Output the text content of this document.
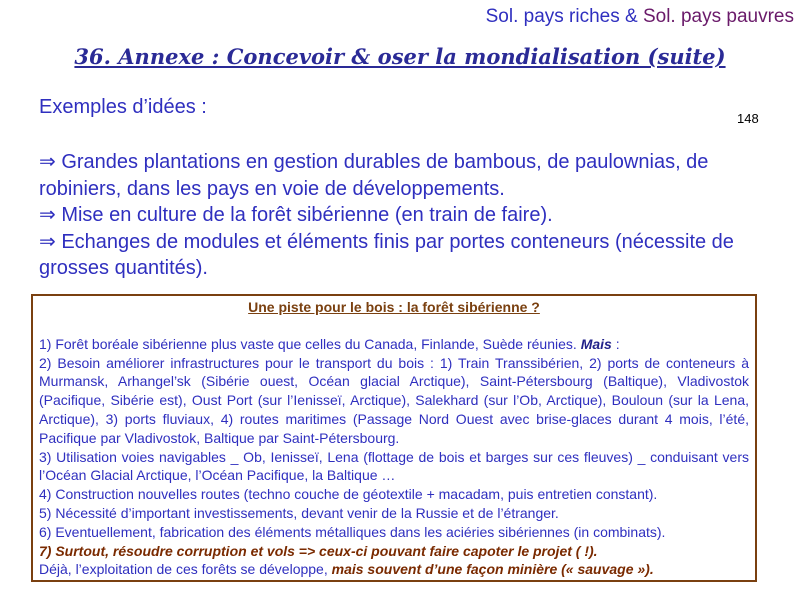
Sol. pays riches & Sol. pays pauvres
36. Annexe : Concevoir & oser la mondialisation (suite)
Exemples d’idées :
148

⇒ Grandes plantations en gestion durables de bambous, de paulownias, de robiniers, dans les pays en voie de développements.

⇒ Mise en culture de la forêt sibérienne (en train de faire).

⇒ Echanges de modules et éléments finis par portes conteneurs (nécessite de grosses quantités).

Une piste pour le bois : la forêt sibérienne ?

1) Forêt boréale sibérienne plus vaste que celles du Canada, Finlande, Suède réunies. Mais :

2) Besoin améliorer infrastructures pour le transport du bois : 1) Train Transsibérien, 2) ports de conteneurs à Murmansk, Arhangel’sk (Sibérie ouest, Océan glacial Arctique), Saint-Pétersbourg (Baltique), Vladivostok (Pacifique, Sibérie est), Oust Port (sur l’Ienisseï, Arctique), Salekhard (sur l’Ob, Arctique), Bouloun (sur la Lena, Arctique), 3) ports fluviaux, 4) routes maritimes (Passage Nord Ouest avec brise-glaces durant 4 mois, l’été, Pacifique par Vladivostok, Baltique par Saint-Pétersbourg.

3) Utilisation voies navigables _ Ob, Ienisseï, Lena (flottage de bois et barges sur ces fleuves) _ conduisant vers l’Océan Glacial Arctique, l’Océan Pacifique, la Baltique …

4) Construction nouvelles routes (techno couche de géotextile + macadam, puis entretien constant).

5) Nécessité d’important investissements, devant venir de la Russie et de l’étranger.

6) Eventuellement, fabrication des éléments métalliques dans les aciéries sibériennes (in combinats).

7) Surtout, résoudre corruption et vols => ceux-ci pouvant faire capoter le projet ( !).

Déjà, l’exploitation de ces forêts se développe, mais souvent d’une façon minière (« sauvage »).
